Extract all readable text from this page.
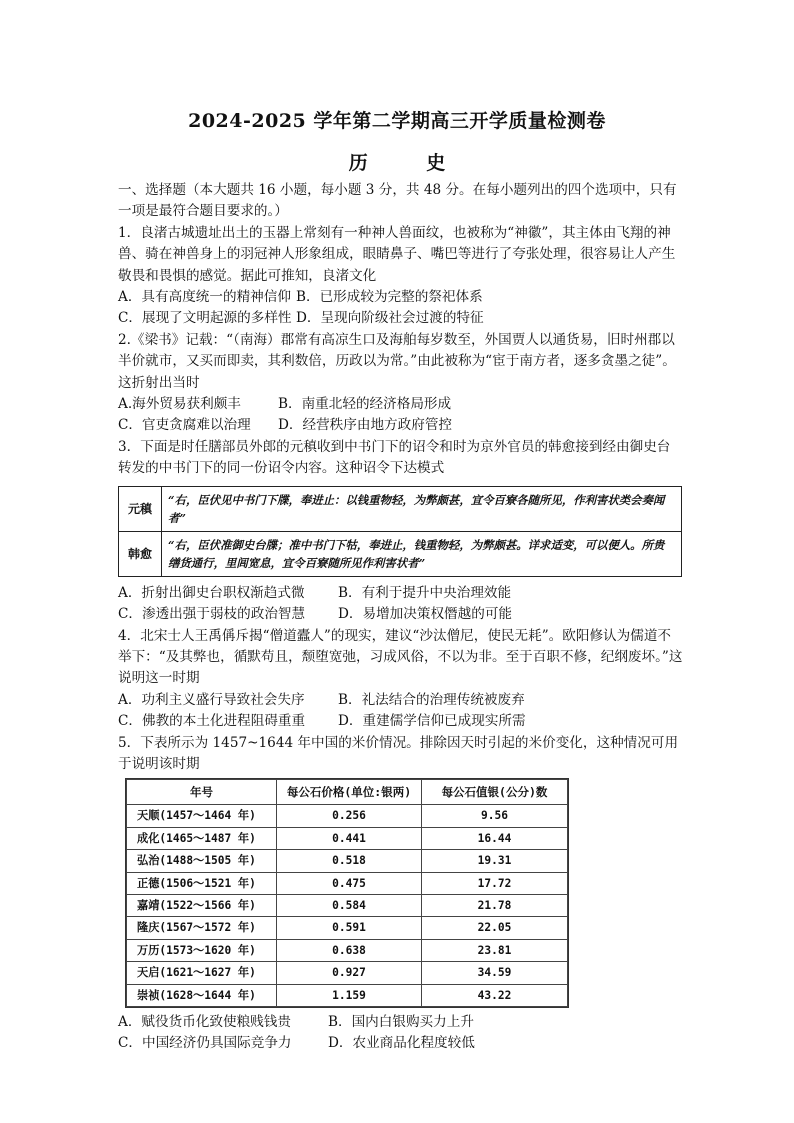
2024-2025 学年第二学期高三开学质量检测卷
历 史

一、选择题（本大题共 16 小题，每小题 3 分，共 48 分。在每小题列出的四个选项中，只有一项是最符合题目要求的。）

1．良渚古城遗址出土的玉器上常刻有一种神人兽面纹，也被称为“神徽”，其主体由飞翔的神兽、骑在神兽身上的羽冠神人形象组成，眼睛鼻子、嘴巴等进行了夸张处理，很容易让人产生敬畏和畏惧的感觉。据此可推知，良渚文化

A．具有高度统一的精神信仰 B．已形成较为完整的祭祀体系
C．展现了文明起源的多样性 D．呈现向阶级社会过渡的特征

2.《梁书》记载：“（南海）郡常有高凉生口及海舶每岁数至，外国贾人以通货易，旧时州郡以半价就市，又买而即卖，其利数倍，历政以为常。”由此被称为“宦于南方者，逐多贪墨之徒”。这折射出当时

A.海外贸易获利颇丰	B．南重北轻的经济格局形成
C．官吏贪腐难以治理	D．经营秩序由地方政府管控

3．下面是时任膳部员外郎的元稹收到中书门下的诏令和时为京外官员的韩愈接到经由御史台转发的中书门下的同一份诏令内容。这种诏令下达模式

元稹
“右，臣伏见中书门下牒，奉进止：以钱重物轻，为弊颇甚，宜令百寮各随所见，作利害状类会奏闻者”
韩愈
“右，臣伏准御史台牒；准中书门下牯，奉进止，钱重物轻，为弊颇甚。详求适变，可以便人。所贵缮货通行，里闾宽息，宜令百寮随所见作利害状者”
A．折射出御史台职权渐趋式微	B．有利于提升中央治理效能
C．渗透出强于弱枝的政治智慧	D．易增加决策权僭越的可能

4．北宋士人王禹偁斥揭“僧道蠹人”的现实，建议“沙汰僧尼，使民无耗”。欧阳修认为儒道不举下：“及其弊也，循默苟且，颓堕宽弛，习成风俗，不以为非。至于百职不修，纪纲废坏。”这说明这一时期

A．功利主义盛行导致社会失序	B．礼法结合的治理传统被废弃
C．佛教的本土化进程阻碍重重	D．重建儒学信仰已成现实所需

5．下表所示为 1457~1644 年中国的米价情况。排除因天时引起的米价变化，这种情况可用于说明该时期

年号	每公石价格(单位:银两)	每公石值银(公分)数
天顺(1457～1464 年)	0.256	9.56
成化(1465～1487 年)	0.441	16.44
弘治(1488～1505 年)	0.518	19.31
正德(1506～1521 年)	0.475	17.72
嘉靖(1522～1566 年)	0.584	21.78
隆庆(1567～1572 年)	0.591	22.05
万历(1573～1620 年)	0.638	23.81
天启(1621～1627 年)	0.927	34.59
崇祯(1628～1644 年)	1.159	43.22
A．赋役货币化致使粮贱钱贵	B．国内白银购买力上升
C．中国经济仍具国际竞争力	D．农业商品化程度较低
